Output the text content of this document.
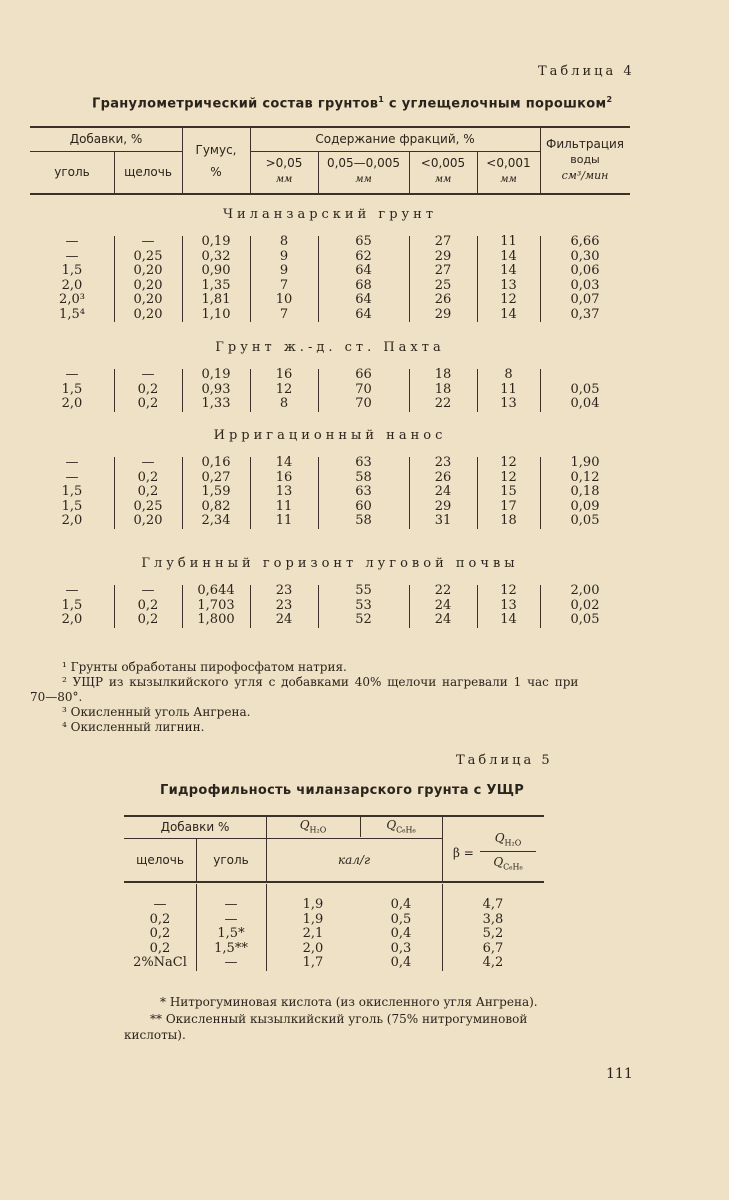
Таблица 4
Гранулометрический состав грунтов$^1$ с углещелочным порошком$^2$
Добавки, %
уголь	щелочь
Гумус,
%
Содержание фракций, %
>0,05
мм
0,05—0,005
мм
<0,005
мм
<0,001
мм
Фильтрация
воды
см³/мин
Чиланзарский грунт
—	—	0,19	8	65	27	11	6,66
—	0,25	0,32	9	62	29	14	0,30
1,5	0,20	0,90	9	64	27	14	0,06
2,0	0,20	1,35	7	68	25	13	0,03
2,0³	0,20	1,81	10	64	26	12	0,07
1,5⁴	0,20	1,10	7	64	29	14	0,37
Грунт ж.-д. ст. Пахта
—	—	0,19	16	66	18	8
1,5	0,2	0,93	12	70	18	11	0,05
2,0	0,2	1,33	8	70	22	13	0,04
Ирригационный нанос
—	—	0,16	14	63	23	12	1,90
—	0,2	0,27	16	58	26	12	0,12
1,5	0,2	1,59	13	63	24	15	0,18
1,5	0,25	0,82	11	60	29	17	0,09
2,0	0,20	2,34	11	58	31	18	0,05
Глубинный горизонт луговой почвы
—	—	0,644	23	55	22	12	2,00
1,5	0,2	1,703	23	53	24	13	0,02
2,0	0,2	1,800	24	52	24	14	0,05
¹ Грунты обработаны пирофосфатом натрия.
² УЩР из кызылкийского угля с добавками 40% щелочи нагревали 1 час при
70—80°.
³ Окисленный уголь Ангрена.
⁴ Окисленный лигнин.
Таблица 5
Гидрофильность чиланзарского грунта с УЩР
Добавки %
щелочь	уголь
$Q_{H_2O}$	$Q_{C_6H_6}$
кал/г	β =
$Q_{H_2O}$
$Q_{C_6H_6}$
—	—	1,9	0,4	4,7
0,2	—	1,9	0,5	3,8
0,2	1,5*	2,1	0,4	5,2
0,2	1,5**	2,0	0,3	6,7
2%NaCl	—	1,7	0,4	4,2
* Нитрогуминовая кислота (из окисленного угля Ангрена).
** Окисленный кызылкийский уголь (75% нитрогуминовой
кислоты).
111
